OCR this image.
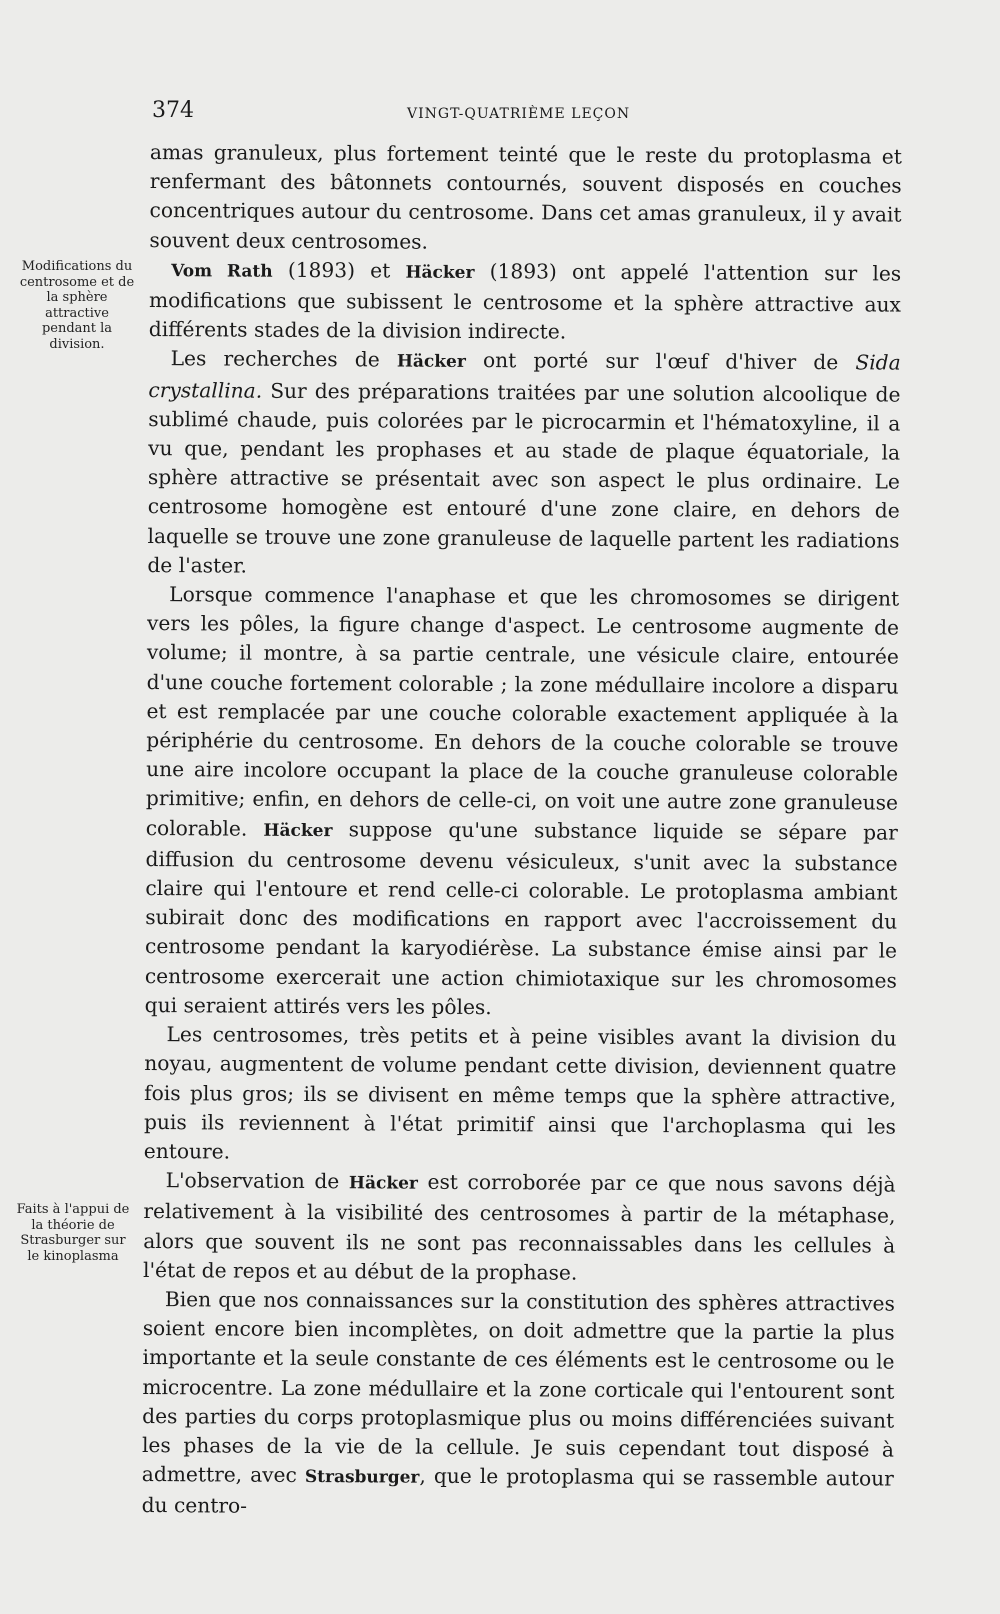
374	VINGT-QUATRIÈME LEÇON
Modifications du centrosome et de la sphère attractive pendant la division.
Faits à l'appui de la théorie de Strasburger sur le kinoplasma

amas granuleux, plus fortement teinté que le reste du protoplasma et renfermant des bâtonnets contournés, souvent disposés en couches concentriques autour du centrosome. Dans cet amas granuleux, il y avait souvent deux centrosomes.

Vom Rath (1893) et Häcker (1893) ont appelé l'attention sur les modifications que subissent le centrosome et la sphère attractive aux différents stades de la division indirecte.

Les recherches de Häcker ont porté sur l'œuf d'hiver de Sida crystallina. Sur des préparations traitées par une solution alcoolique de sublimé chaude, puis colorées par le picrocarmin et l'hématoxyline, il a vu que, pendant les prophases et au stade de plaque équatoriale, la sphère attractive se présentait avec son aspect le plus ordinaire. Le centrosome homogène est entouré d'une zone claire, en dehors de laquelle se trouve une zone granuleuse de laquelle partent les radiations de l'aster.

Lorsque commence l'anaphase et que les chromosomes se dirigent vers les pôles, la figure change d'aspect. Le centrosome augmente de volume; il montre, à sa partie centrale, une vésicule claire, entourée d'une couche fortement colorable ; la zone médullaire incolore a disparu et est remplacée par une couche colorable exactement appliquée à la périphérie du centrosome. En dehors de la couche colorable se trouve une aire incolore occupant la place de la couche granuleuse colorable primitive; enfin, en dehors de celle-ci, on voit une autre zone granuleuse colorable. Häcker suppose qu'une substance liquide se sépare par diffusion du centrosome devenu vésiculeux, s'unit avec la substance claire qui l'entoure et rend celle-ci colorable. Le protoplasma ambiant subirait donc des modifications en rapport avec l'accroissement du centrosome pendant la karyodiérèse. La substance émise ainsi par le centrosome exercerait une action chimiotaxique sur les chromosomes qui seraient attirés vers les pôles.

Les centrosomes, très petits et à peine visibles avant la division du noyau, augmentent de volume pendant cette division, deviennent quatre fois plus gros; ils se divisent en même temps que la sphère attractive, puis ils reviennent à l'état primitif ainsi que l'archoplasma qui les entoure.

L'observation de Häcker est corroborée par ce que nous savons déjà relativement à la visibilité des centrosomes à partir de la métaphase, alors que souvent ils ne sont pas reconnaissables dans les cellules à l'état de repos et au début de la prophase.

Bien que nos connaissances sur la constitution des sphères attractives soient encore bien incomplètes, on doit admettre que la partie la plus importante et la seule constante de ces éléments est le centrosome ou le microcentre. La zone médullaire et la zone corticale qui l'entourent sont des parties du corps protoplasmique plus ou moins différenciées suivant les phases de la vie de la cellule. Je suis cependant tout disposé à admettre, avec Strasburger, que le protoplasma qui se rassemble autour du centro-
